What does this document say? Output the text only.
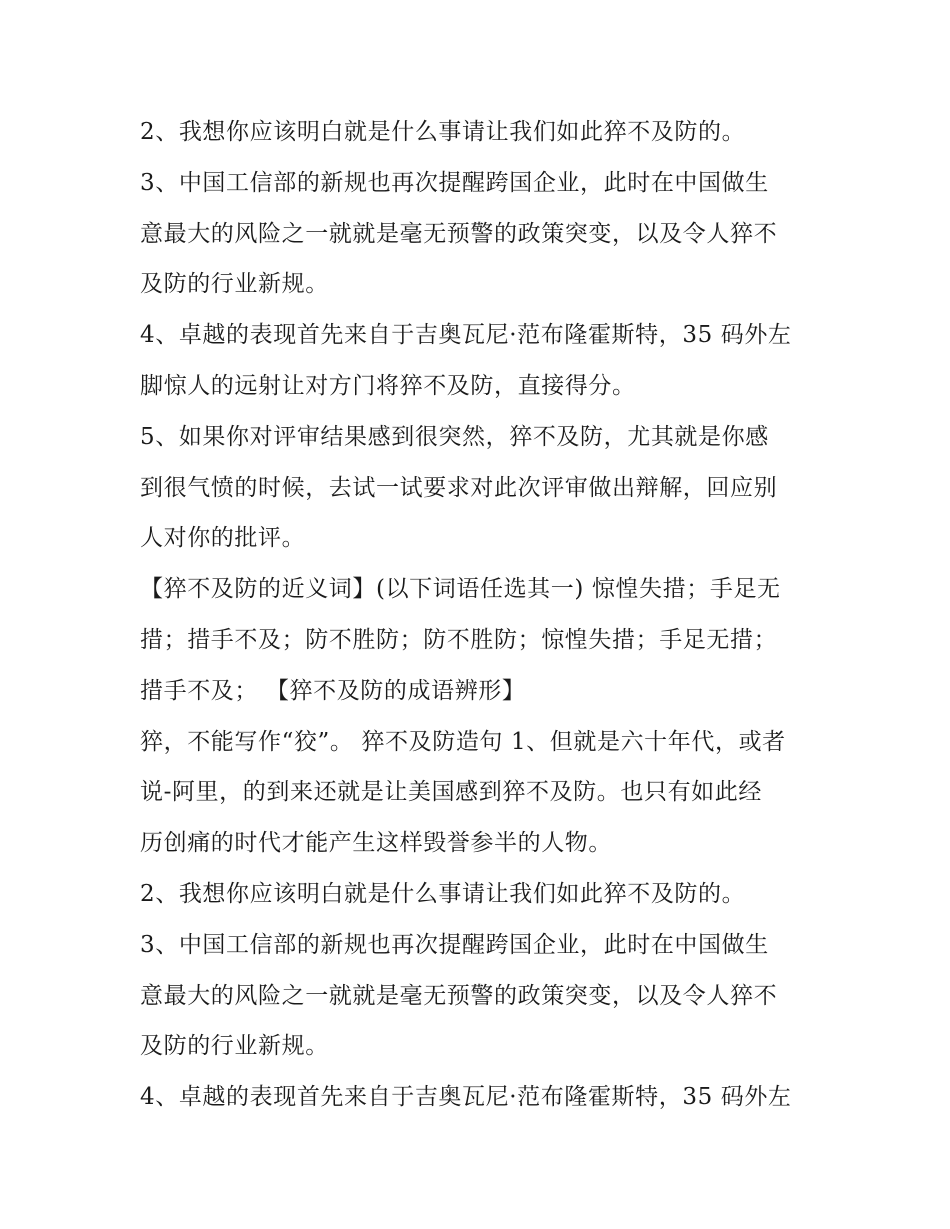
2、我想你应该明白就是什么事请让我们如此猝不及防的。
3、中国工信部的新规也再次提醒跨国企业，此时在中国做生
意最大的风险之一就就是毫无预警的政策突变，以及令人猝不
及防的行业新规。
4、卓越的表现首先来自于吉奥瓦尼·范布隆霍斯特，35 码外左
脚惊人的远射让对方门将猝不及防，直接得分。
5、如果你对评审结果感到很突然，猝不及防，尤其就是你感
到很气愤的时候，去试一试要求对此次评审做出辩解，回应别
人对你的批评。
【猝不及防的近义词】(以下词语任选其一) 惊惶失措；手足无
措；措手不及；防不胜防；防不胜防；惊惶失措；手足无措；
措手不及； 【猝不及防的成语辨形】
猝，不能写作“狡”。 猝不及防造句 1、但就是六十年代，或者
说-阿里，的到来还就是让美国感到猝不及防。也只有如此经
历创痛的时代才能产生这样毁誉参半的人物。
2、我想你应该明白就是什么事请让我们如此猝不及防的。
3、中国工信部的新规也再次提醒跨国企业，此时在中国做生
意最大的风险之一就就是毫无预警的政策突变，以及令人猝不
及防的行业新规。
4、卓越的表现首先来自于吉奥瓦尼·范布隆霍斯特，35 码外左
